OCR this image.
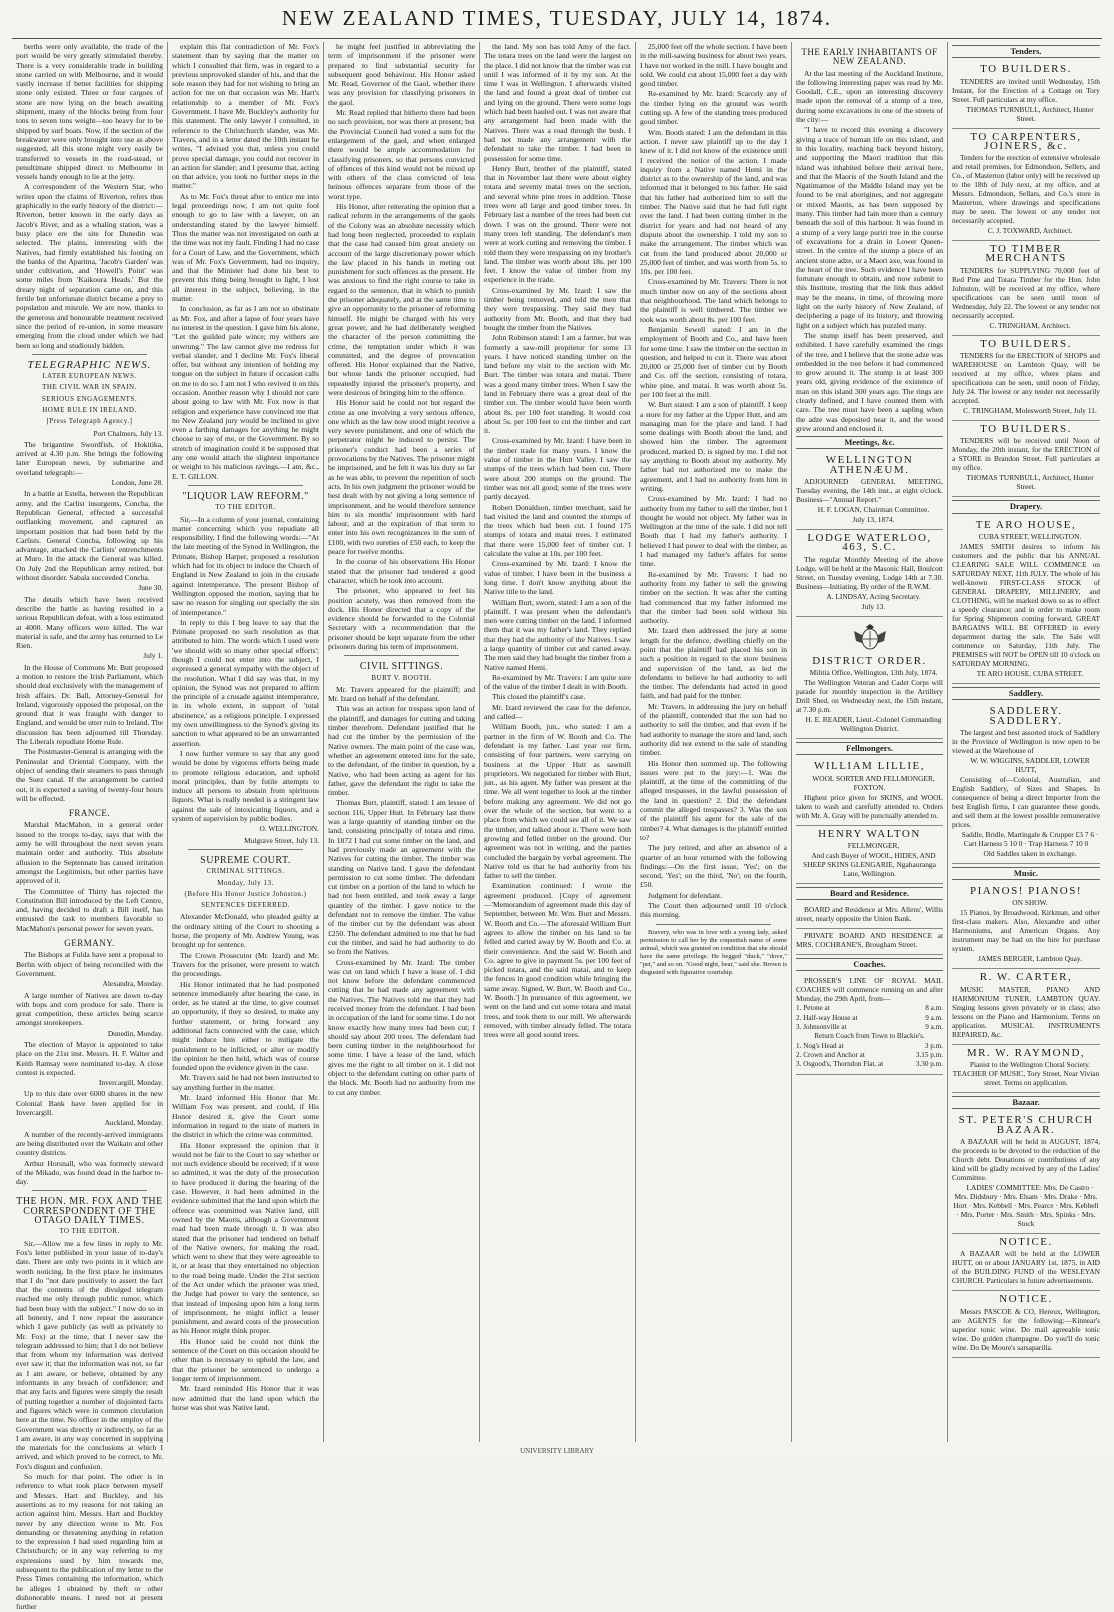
NEW ZEALAND TIMES, TUESDAY, JULY 14, 1874.

berths were only available, the trade of the port would be very greatly stimulated thereby. There is a very considerable trade in building stone carried on with Melbourne, and it would vastly increase if better facilities for shipping stone only existed. Three or four cargoes of stone are now lying on the beach awaiting shipment, many of the blocks being from four tons to seven tons weight—too heavy for to be shipped by surf boats. Now, if the section of the breakwater were only brought into use as above suggested, all this stone might very easily be transferred to vessels in the road-stead, or penultimate shipped direct to Melbourne in vessels handy enough to lie at the jetty.

A correspondent of the Western Star, who writes upon the claims of Riverton, refers thus graphically to the early history of the district:—Riverton, better known in the early days as Jacob's River, and as a whaling station, was a busy place ere the site for Dunedin was selected. The plains, interesting with the Natives, had firmly established his footing on the banks of the Aparima, 'Jacob's Garden' was under cultivation, and 'Howell's Point' was some miles from 'Kaikoura Heads.' But the dreary night of separation came on, and this fertile but unfortunate district became a prey to population and misrule. We are now, thanks to the generous and honourable treatment received since the period of re-union, in some measure emerging from the cloud under which we had been so long and studiously hidden.

TELEGRAPHIC NEWS.
LATER EUROPEAN NEWS.
THE CIVIL WAR IN SPAIN.
SERIOUS ENGAGEMENTS.
HOME RULE IN IRELAND.
[Press Telegraph Agency.]
Port Chalmers, July 13.

The brigantine Swordfish, of Hokitika, arrived at 4.30 p.m. She brings the following later European news, by submarine and overland telegraph:—

London, June 28.

In a battle at Estella, between the Republican army, and the Carlist insurgents, Concha, the Republican General, effected a successful outflanking movement, and captured an important position that had been held by the Carlists. General Concha, following up his advantage, attacked the Carlists' entrenchments at Muro. In the attack the General was killed. On July 2nd the Republican army retired, but without disorder. Sabala succeeded Concha.

June 30.

The details which have been received describe the battle as having resulted in a serious Republican defeat, with a loss estimated at 4000. Many officers were killed. The war material is safe, and the army has returned to Le Rien.

July 1.

In the House of Commons Mr. Butt proposed a motion to restore the Irish Parliament, which should deal exclusively with the management of Irish affairs. Dr. Ball, Attorney-General for Ireland, vigorously opposed the proposal, on the ground that it was fraught with danger to England, and would be utter ruin to Ireland. The discussion has been adjourned till Thursday. The Liberals repudiate Home Rule.

The Postmaster-General is arranging with the Peninsular and Oriental Company, with the object of sending their steamers to pass through the Suez canal. If the arrangement be carried out, it is expected a saving of twenty-four hours will be effected.

FRANCE.

Marshal MacMahon, in a general order issued to the troops to-day, says that with the army he will throughout the next seven years maintain order and authority. This absolute allusion to the Septennate has caused irritation amongst the Legitimists, but other parties have approved of it.

The Committee of Thirty has rejected the Constitution Bill introduced by the Left Centre, and, having decided to draft a Bill itself, has entrusted the task to members favorable to MacMahon's personal power for seven years.

GERMANY.

The Bishops at Fulda have sent a proposal to Berlin with object of being reconciled with the Government.

Alexandra, Monday.

A large number of Natives are down to-day with hops and corn produce for sale. There is great competition, these articles being scarce amongst storekeepers.

Dunedin, Monday.

The election of Mayor is appointed to take place on the 21st inst. Messrs. H. F. Walter and Keith Ramsay were nominated to-day. A close contest is expected.

Invercargill, Monday.

Up to this date over 6000 shares in the new Colonial Bank have been applied for in Invercargill.

Auckland, Monday.

A number of the recently-arrived immigrants are being distributed over the Waikato and other country districts.

Arthur Horsnall, who was formerly steward of the Mikado, was found dead in the harbor to-day.

THE HON. MR. FOX AND THE CORRESPONDENT OF THE OTAGO DAILY TIMES.
TO THE EDITOR.

Sir,—Allow me a few lines in reply to Mr. Fox's letter published in your issue of to-day's date. There are only two points in it which are worth noticing. In the first place he insinuates that I do "not dare positively to assert the fact that the contents of the divulged telegram reached me only through public rumor, which had been busy with the subject." I now do so in all honesty, and I now repeat the assurance which I gave publicly (as well as privately to Mr. Fox) at the time, that I never saw the telegram addressed to him; that I do not believe that from whom my information was derived ever saw it; that the information was not, so far as I am aware, or believe, obtained by any informants in any breach of confidence; and that any facts and figures were simply the result of putting together a number of disjointed facts and figures which were in common circulation here at the time. No officer in the employ of the Government was directly or indirectly, so far as I am aware, in any way concerned in supplying the materials for the conclusions at which I arrived, and which proved to be correct, to Mr. Fox's disgust and confusion.

So much for that point. The other is in reference to what took place between myself and Messrs. Hart and Buckley, and his assertions as to my reasons for not taking an action against him. Messrs. Hart and Buckley never by any direction wrote to Mr. Fox demanding or threatening anything in relation to the expression I had used regarding him at Christchurch; or in any way referring to my expressions used by him towards me, subsequent to the publication of my letter to the Press Times containing the information, which he alleges I obtained by theft or other dishonorable means. I need not at present further

explain this flat contradiction of Mr. Fox's statement than by saying that the matter on which I consulted that firm, was in regard to a previous unprovoked slander of his, and that the sole reason they had for not wishing to bring an action for me on that occasion was Mr. Hart's relationship to a member of Mr. Fox's Government. I have Mr. Buckley's authority for this statement. The only lawyer I consulted, in reference to the Christchurch slander, was Mr. Travers, and in a letter dated the 10th instant he writes, "I advised you that, unless you could prove special damage, you could not recover in an action for slander; and I presume that, acting on that advice, you took no further steps in the matter."

As to Mr. Fox's threat after to entice me into legal proceedings now, I am not quite fool enough to go to law with a lawyer, on an understanding stated by the lawyer himself. Thus the matter was not investigated on oath at the time was not my fault. Finding I had no case for a Court of Law, and the Government, which was of Mr. Fox's Government, had no inquiry, and that the Minister had done his best to prevent this thing being brought to light, I lost all interest in the subject, believing, in the matter.

In conclusion, as far as I am not so obstinate as Mr. Fox, and after a lapse of four years have no interest in the question. I gave him his alone, "Let the guilded pale wince; my withers are unwrung." The law cannot give me redress for verbal slander, and I decline Mr. Fox's liberal offer, but without any intention of holding my tongue on the subject in future if occasion calls on me to do so. I am not I who revived it on this occasion. Another reason why I should not care about going to law with Mr. Fox now is that religion and experience have convinced me that no New Zealand jury would be inclined to give even a farthing damages for anything he might choose to say of me, or the Government. By so stretch of imagination could it be supposed that any one would attach the slightest importance or weight to his malicious ravings.—I am, &c., E. T. GILLON.

"LIQUOR LAW REFORM."
TO THE EDITOR.

Sir,—In a column of your journal, containing matter concerning which you repudiate all responsibility, I find the following words:—"At the late meeting of the Synod in Wellington, the Primate, Bishop Harper, proposed a resolution which had for its object to induce the Church of England in New Zealand to join in the crusade against intemperance. The present Bishop of Wellington opposed the motion, saying that he saw no reason for singling out specially the sin of intemperance."

In reply to this I beg leave to say that the Primate proposed no such resolution as that attributed to him. The words which I used were 'we should with so many other special efforts'; though I could not enter into the subject, I expressed a general sympathy with the object of the resolution. What I did say was that, in my opinion, the Synod was not prepared to affirm the principle of a crusade against intemperance, in its whole extent, in support of 'total abstinence,' as a religious principle. I expressed my own unwillingness to the Synod's giving its sanction to what appeared to be an unwarranted assertion.

I now further venture to say that any good would be done by vigorous efforts being made to promote religious education, and uphold moral principles, than by futile attempts to induce all persons to abstain from spirituous liquors. What is really needed is a stringent law against the sale of intoxicating liquors, and a system of supervision by public bodies.

O. WELLINGTON.
Mulgrave Street, July 13.
SUPREME COURT.
CRIMINAL SITTINGS.
Monday, July 13.
(Before His Honor Justice Johnston.)
SENTENCES DEFERRED.

Alexander McDonald, who pleaded guilty at the ordinary sitting of the Court to shooting a horse, the property of Mr. Andrew Young, was brought up for sentence.

The Crown Prosecutor (Mr. Izard) and Mr. Travers for the prisoner, were present to watch the proceedings.

His Honor intimated that he had postponed sentence immediately after hearing the case, in order, as he stated at the time, to give counsel an opportunity, if they so desired, to make any further statement, or bring forward any additional facts connected with the case, which might induce him either to mitigate the punishment to be inflicted, or alter or modify the opinion he then held, which was of course founded upon the evidence given in the case.

Mr. Travers said he had not been instructed to say anything further in the matter.

Mr. Izard informed His Honor that Mr. William Fox was present, and could, if His Honor desired it, give the Court some information in regard to the state of matters in the district in which the crime was committed.

His Honor expressed the opinion that it would not be fair to the Court to say whether or not such evidence should be received; if it were so admitted, it was the duty of the prosecution to have produced it during the hearing of the case. However, it had been admitted in the evidence submitted that the land upon which the offence was committed was Native land, still owned by the Maoris, although a Government road had been made through it. It was also stated that the prisoner had tendered on behalf of the Native owners, for making the road, which went to shew that they were agreeable to it, or at least that they entertained no objection to the road being made. Under the 21st section of the Act under which the prisoner was tried, the Judge had power to vary the sentence, so that instead of imposing upon him a long term of imprisonment, he might inflict a lesser punishment, and award costs of the prosecution as his Honor might think proper.

His Honor said he could not think the sentence of the Court on this occasion should be other than is necessary to uphold the law, and that the prisoner be sentenced to undergo a longer term of imprisonment.

Mr. Izard reminded His Honor that it was now admitted that the land upon which the horse was shot was Native land.

he might feel justified in abbreviating the term of imprisonment if the prisoner were prepared to find substantial security for subsequent good behaviour. His Honor asked Mr. Read, Governor of the Gaol, whether there was any provision for classifying prisoners in the gaol.

Mr. Read replied that hitherto there had been no such provision, nor was there at present; but the Provincial Council had voted a sum for the enlargement of the gaol, and when enlarged there would be ample accommodation for classifying prisoners, so that persons convicted of offences of this kind would not be mixed up with others of the class convicted of less heinous offences separate from those of the worst type.

His Honor, after reiterating the opinion that a radical reform in the arrangements of the gaols of the Colony was an absolute necessity which had long been neglected, proceeded to explain that the case had caused him great anxiety on account of the large discretionary power which the law placed in his hands in meting out punishment for such offences as the present. He was anxious to find the right course to take in regard to the sentence, that in which to punish the prisoner adequately, and at the same time to give an opportunity to the prisoner of reforming himself. He might be charged with his very great power, and he had deliberately weighed the character of the person committing the crime, the temptation under which it was committed, and the degree of provocation offered. His Honor explained that the Native, but whose lands the prisoner occupied, had repeatedly injured the prisoner's property, and were desirous of bringing him to the offence.

His Honor said he could not but regard the crime as one involving a very serious offence, one which as the law now stood might receive a very severe punishment, and one of which the perpetrator might be induced to persist. The prisoner's conduct had been a series of provocations by the Natives. The prisoner might be imprisoned, and he felt it was his duty so far as he was able, to prevent the repetition of such acts. In his own judgment the prisoner would be best dealt with by not giving a long sentence of imprisonment, and he would therefore sentence him to six months' imprisonment with hard labour, and at the expiration of that term to enter into his own recognizances in the sum of £100, with two sureties of £50 each, to keep the peace for twelve months.

In the course of his observations His Honor stated that the prisoner had tendered a good character, which he took into account.

The prisoner, who appeared to feel his position acutely, was then removed from the dock. His Honor directed that a copy of the evidence should be forwarded to the Colonial Secretary with a recommendation that the prisoner should be kept separate from the other prisoners during his term of imprisonment.

CIVIL SITTINGS.
BURT V. BOOTH.

Mr. Travers appeared for the plaintiff; and Mr. Izard on behalf of the defendant.

This was an action for trespass upon land of the plaintiff, and damages for cutting and taking timber therefrom. Defendant justified that he had cut the timber by the permission of the Native owners. The main point of the case was, whether an agreement entered into for the sale, to the defendant, of the timber in question, by a Native, who had been acting as agent for his father, gave the defendant the right to take the timber.

Thomas Burt, plaintiff, stated: I am lessee of section 116, Upper Hutt. In February last there was a large quantity of standing timber on the land, consisting principally of totara and rimu. In 1872 I had cut some timber on the land, and had previously made an agreement with the Natives for cutting the timber. The timber was standing on Native land. I gave the defendant permission to cut some timber. The defendant cut timber on a portion of the land to which he had not been entitled, and took away a large quantity of the timber. I gave notice to the defendant not to remove the timber. The value of the timber cut by the defendant was about £250. The defendant admitted to me that he had cut the timber, and said he had authority to do so from the Natives.

Cross-examined by Mr. Izard: The timber was cut on land which I have a lease of. I did not know before the defendant commenced cutting that he had made any agreement with the Natives. The Natives told me that they had received money from the defendant. I had been in occupation of the land for some time. I do not know exactly how many trees had been cut; I should say about 200 trees. The defendant had been cutting timber in the neighbourhood for some time. I have a lease of the land, which gives me the right to all timber on it. I did not object to the defendant cutting on other parts of the block. Mr. Booth had no authority from me to cut any timber.

the land. My son has told Amy of the fact. The totara trees on the land were the largest on the place. I did not know that the timber was cut until I was informed of it by my son. At the time I was in Wellington. I afterwards visited the land and found a great deal of timber cut and lying on the ground. There were some logs which had been hauled out. I was not aware that any arrangement had been made with the Natives. There was a road through the bush. I had not made any arrangement with the defendant to take the timber. I had been in possession for some time.

Henry Burt, brother of the plaintiff, stated that in November last there were about eighty totara and seventy matai trees on the section, and several white pine trees in addition. Those trees were all large and good timber trees. In February last a number of the trees had been cut down. I was on the ground. There were not many trees left standing. The defendant's men were at work cutting and removing the timber. I told them they were trespassing on my brother's land. The timber was worth about 18s. per 100 feet. I know the value of timber from my experience in the trade.

Cross-examined by Mr. Izard: I saw the timber being removed, and told the men that they were trespassing. They said they had authority from Mr. Booth, and that they had bought the timber from the Natives.

John Robinson stated: I am a farmer, but was formerly a saw-mill proprietor for some 13 years. I have noticed standing timber on the land before my visit to the section with Mr. Burt. The timber was totara and matai. There was a good many timber trees. When I saw the land in February there was a great deal of the timber cut. The timber would have been worth about 8s. per 100 feet standing. It would cost about 5s. per 100 feet to cut the timber and cart it.

Cross-examined by Mr. Izard: I have been in the timber trade for many years. I know the value of timber in the Hutt Valley. I saw the stumps of the trees which had been cut. There were about 200 stumps on the ground. The timber was not all good; some of the trees were partly decayed.

Robert Donaldson, timber merchant, said he had visited the land and counted the stumps of the trees which had been cut. I found 175 stumps of totara and matai trees. I estimated that there were 15,000 feet of timber cut. I calculate the value at 10s. per 100 feet.

Cross-examined by Mr. Izard: I know the value of timber. I have been in the business a long time. I don't know anything about the Native title to the land.

William Burt, sworn, stated: I am a son of the plaintiff. I was present when the defendant's men were cutting timber on the land. I informed them that it was my father's land. They replied that they had the authority of the Natives. I saw a large quantity of timber cut and carted away. The men said they had bought the timber from a Native named Hemi.

Re-examined by Mr. Travers: I am quite sure of the value of the timber I dealt in with Booth.

This closed the plaintiff's case.

Mr. Izard reviewed the case for the defence, and called—

William Booth, jun., who stated: I am a partner in the firm of W. Booth and Co. The defendant is my father. Last year our firm, consisting of four partners, were carrying on business at the Upper Hutt as sawmill proprietors. We negotiated for timber with Burt, jun., as his agent. My father was present at the time. We all went together to look at the timber before making any agreement. We did not go over the whole of the section, but went to a place from which we could see all of it. We saw the timber, and talked about it. There were both growing and felled timber on the ground. Our agreement was not in writing, and the parties concluded the bargain by verbal agreement. The Native told us that he had authority from his father to sell the timber.

Examination continued: I wrote the agreement produced. [Copy of agreement—'Memorandum of agreement made this day of September, between Mr. Wm. Burt and Messrs. W. Booth and Co.—The aforesaid William Burt agrees to allow the timber on his land to be felled and carted away by W. Booth and Co. at their convenience. And the said W. Booth and Co. agree to give in payment 5s. per 100 feet of picked totara, and the said matai, and to keep the fences in good condition while bringing the same away. Signed, W. Burt, W. Booth and Co., W. Booth.'] In pursuance of this agreement, we went on the land and cut some totara and matai trees, and took them to our mill. We afterwards removed, with timber already felled. The totara trees were all good sound trees.

25,000 feet off the whole section. I have been in the mill-sawing business for about two years. I have not worked in the mill. I have bought and sold. We could cut about 15,000 feet a day with good timber.

Re-examined by Mr. Izard: Scarcely any of the timber lying on the ground was worth cutting up. A few of the standing trees produced good timber.

Wm. Booth stated: I am the defendant in this action. I never saw plaintiff up to the day I knew of it. I did not know of the existence until I received the notice of the action. I made inquiry from a Native named Hemi in the district as to the ownership of the land, and was informed that it belonged to his father. He said that his father had authorized him to sell the timber. The Native said that he had full right over the land. I had been cutting timber in the district for years and had not heard of any dispute about the ownership. I told my son to make the arrangement. The timber which was cut from the land produced about 20,000 or 25,000 feet of timber, and was worth from 5s. to 10s. per 100 feet.

Cross-examined by Mr. Travers: There is not much timber now on any of the sections about that neighbourhood. The land which belongs to the plaintiff is well timbered. The timber we took was worth about 8s. per 100 feet.

Benjamin Sewell stated: I am in the employment of Booth and Co., and have been for some time. I saw the timber on the section in question, and helped to cut it. There was about 20,000 or 25,000 feet of timber cut by Booth and Co. off the section, consisting of totara, white pine, and matai. It was worth about 5s. per 100 feet at the mill.

W. Burt stated: I am a son of plaintiff. I keep a store for my father at the Upper Hutt, and am managing man for the place and land. I had some dealings with Booth about the land, and showed him the timber. The agreement produced, marked D, is signed by me. I did not say anything to Booth about my authority. My father had not authorized me to make the agreement, and I had no authority from him in writing.

Cross-examined by Mr. Izard: I had no authority from my father to sell the timber, but I thought he would not object. My father was in Wellington at the time of the sale. I did not tell Booth that I had my father's authority. I believed I had power to deal with the timber, as I had managed my father's affairs for some time.

Re-examined by Mr. Travers: I had no authority from my father to sell the growing timber on the section. It was after the cutting had commenced that my father informed me that the timber had been sold without his authority.

Mr. Izard then addressed the jury at some length for the defence, dwelling chiefly on the point that the plaintiff had placed his son in such a position in regard to the store business and supervision of the land, as led the defendants to believe he had authority to sell the timber. The defendants had acted in good faith, and had paid for the timber.

Mr. Travers, in addressing the jury on behalf of the plaintiff, contended that the son had no authority to sell the timber, and that even if he had authority to manage the store and land, such authority did not extend to the sale of standing timber.

His Honor then summed up. The following issues were put to the jury:—1. Was the plaintiff, at the time of the committing of the alleged trespasses, in the lawful possession of the land in question? 2. Did the defendant commit the alleged trespasses? 3. Was the son of the plaintiff his agent for the sale of the timber? 4. What damages is the plaintiff entitled to?

The jury retired, and after an absence of a quarter of an hour returned with the following findings:—On the first issue, 'Yes'; on the second, 'Yes'; on the third, 'No'; on the fourth, £50.

Judgment for defendant.

The Court then adjourned until 10 o'clock this morning.

Bravery, who was in love with a young lady, asked permission to call her by the coquettish name of some animal, which was granted on condition that she should have the same privilege. He begged "duck," "dove," "pet," and so on. "Good night, bear," said she. Brown is disgusted with figurative courtship.

THE EARLY INHABITANTS OF NEW ZEALAND.

At the last meeting of the Auckland Institute, the following interesting paper was read by Mr. Goodall, C.E., upon an interesting discovery made upon the removal of a stump of a tree, during some excavations in one of the streets of the city:—

"I have to record this evening a discovery giving a trace of human life on this island, and in this locality, reaching back beyond history, and supporting the Maori tradition that this island was inhabited before their arrival here, and that the Maoris of the South Island and the Ngatimamoe of the Middle Island may yet be found to be real aborigines, and not aggregate or mixed Maoris, as has been supposed by many. This timber had lain more than a century beneath the soil of this harbour. It was found in a stump of a very large puriri tree in the course of excavations for a drain in Lower Queen-street. In the centre of the stump a piece of an ancient stone adze, or a Maori axe, was found in the heart of the tree. Such evidence I have been fortunate enough to obtain, and now submit to this Institute, trusting that the link thus added may be the means, in time, of throwing more light on the early history of New Zealand, of deciphering a page of its history, and throwing light on a subject which has puzzled many.

The stump itself has been preserved, and exhibited. I have carefully examined the rings of the tree, and I believe that the stone adze was embedded in the tree before it had commenced to grow around it. The stump is at least 300 years old, giving evidence of the existence of man on this island 300 years ago. The rings are clearly defined, and I have counted them with care. The tree must have been a sapling when the adze was deposited near it, and the wood grew around and enclosed it.

Meetings, &c.
WELLINGTON ATHENÆUM.

ADJOURNED GENERAL MEETING, Tuesday evening, the 14th inst., at eight o'clock. Business—"Annual Report."

H. F. LOGAN, Chairman Committee.

July 13, 1874.

LODGE WATERLOO, 463, S.C.

The regular Monthly Meeting of the above Lodge, will be held at the Masonic Hall, Boulcott Street, on Tuesday evening, Lodge 14th at 7.30. Business—Initiating. By order of the R.W.M.

A. LINDSAY, Acting Secretary.

July 13.

DISTRICT ORDER.

Militia Office, Wellington, 13th July, 1874.

The Wellington Veteran and Cadet Corps will parade for monthly inspection in the Artillery Drill Shed, on Wednesday next, the 15th instant, at 7.30 p.m.

H. E. READER, Lieut.-Colonel Commanding Wellington District.

Fellmongers.
WILLIAM LILLIE,

WOOL SORTER AND FELLMONGER, FOXTON.

Highest price given for SKINS, and WOOL taken to wash and carefully attended to. Orders with Mr. A. Gray will be punctually attended to.

HENRY WALTON

FELLMONGER,

And cash Buyer of WOOL, HIDES, AND SHEEP SKINS GLENGARIE, Ngahauranga Lane, Wellington.

Board and Residence.

BOARD and Residence at Mrs. Allens', Willis street, nearly opposite the Union Bank.

PRIVATE BOARD AND RESIDENCE at MRS. COCHRANE'S, Brougham Street.

Coaches.

PROSSER'S LINE OF ROYAL MAIL COACHES will commence running on and after Monday, the 29th April, from—

1. Petone at	8 a.m.
2. Half-way House at	9 a.m.
3. Johnsonville at	9 a.m.
Return Coach from Town to Blackie's.	
1. Nog's Head at	3 p.m.
2. Crown and Anchor at	3.15 p.m.
3. Osgood's, Thorndon Flat, at	3.30 p.m.
Tenders.
TO BUILDERS.

TENDERS are invited until Wednesday, 15th Instant, for the Erection of a Cottage on Tory Street. Full particulars at my office.

THOMAS TURNBULL, Architect, Hunter Street.

TO CARPENTERS, JOINERS, &c.

Tenders for the erection of extensive wholesale and retail premises, for Edmondson, Sellers, and Co., of Masterton (labor only) will be received up to the 18th of July next, at my office, and at Messrs. Edmondson, Sellars, and Co.'s store in Masterton, where drawings and specifications may be seen. The lowest or any tender not necessarily accepted.

C. J. TOXWARD, Architect.

TO TIMBER MERCHANTS

TENDERS for SUPPLYING 70,000 feet of Red Pine and Totara Timber for the Hon. John Johnston, will be received at my office, where specifications can be seen until noon of Wednesday, July 22. The lowest or any tender not necessarily accepted.

C. TRINGHAM, Architect.

TO BUILDERS.

TENDERS for the ERECTION of SHOPS and WAREHOUSE on Lambton Quay, will be received at my office, where plans and specifications can be seen, until noon of Friday, July 24. The lowest or any tender not necessarily accepted.

C. TRINGHAM, Molesworth Street, July 11.

TO BUILDERS.

TENDERS will be received until Noon of Monday, the 20th instant, for the ERECTION of a STORE in Brandon Street. Full particulars at my office.

THOMAS TURNBULL, Architect, Hunter Street.

Drapery.
TE ARO HOUSE,

CUBA STREET, WELLINGTON.

JAMES SMITH desires to inform his customers and the public that his ANNUAL CLEARING SALE WILL COMMENCE on SATURDAY NEXT, 11th JULY. The whole of his well-known FIRST-CLASS STOCK of GENERAL DRAPERY, MILLINERY, and CLOTHING, will be marked down so as to effect a speedy clearance; and in order to make room for Spring Shipments coming forward, GREAT BARGAINS WILL BE OFFERED in every department during the sale. The Sale will commence on Saturday, 11th July. The PREMISES will NOT be OPEN till 10 o'clock on SATURDAY MORNING.

TE ARO HOUSE, CUBA STREET.

Saddlery.
SADDLERY. SADDLERY.

The largest and best assorted stock of Saddlery in the Province of Wellington is now open to be viewed at the Warehouse of

W. W. WIGGINS, SADDLER, LOWER HUTT,

Consisting of—Colonial, Australian, and English Saddlery, of Sizes and Shapes. In consequence of being a direct Importer from the best English firms, I can guarantee these goods, and sell them at the lowest possible remunerative prices.

Saddle, Bridle, Martingale & Crupper £3 7 6 · Cart Harness 5 10 0 · Trap Harness 7 10 0

Old Saddles taken in exchange.

Music.
PIANOS! PIANOS!

ON SHOW.

15 Pianos, by Broadwood, Kirkman, and other first-class makers. Also, Alexandre and other Harmoniums, and American Organs. Any instrument may be had on the hire for purchase system.

JAMES BERGER, Lambton Quay.

R. W. CARTER,

MUSIC MASTER, PIANO AND HARMONIUM TUNER, LAMBTON QUAY. Singing lessons given privately or in class; also lessons on the Piano and Harmonium. Terms on application. MUSICAL INSTRUMENTS REPAIRED, &c.

MR. W. RAYMOND,

Pianist to the Wellington Choral Society. TEACHER OF MUSIC, Tory Street, Near Vivian street. Terms on application.

Bazaar.
ST. PETER'S CHURCH BAZAAR.

A BAZAAR will be held in AUGUST, 1874, the proceeds to be devoted to the reduction of the Church debt. Donations or contributions of any kind will be gladly received by any of the Ladies' Committee.

LADIES' COMMITTEE: Mrs. De Castro · Mrs. Didsbury · Mrs. Elsam · Mrs. Drake · Mrs. Hort · Mrs. Kebbell · Mrs. Pearce · Mrs. Kebbell · Mrs. Porter · Mrs. Smith · Mrs. Spinks · Mrs. Stock

NOTICE.

A BAZAAR will be held at the LOWER HUTT, on or about JANUARY 1st, 1875, in AID of the BUILDING FUND of the WESLEYAN CHURCH. Particulars in future advertisements.

NOTICE.

Messrs PASCOE & CO, Hereux, Wellington, are AGENTS for the following:—Kinnear's superior tonic wine. Do mail agreeable tonic wine. Do golden champagne. Do you'll do tonic wine. Do De Moore's sarsaparilla.

UNIVERSITY LIBRARY
